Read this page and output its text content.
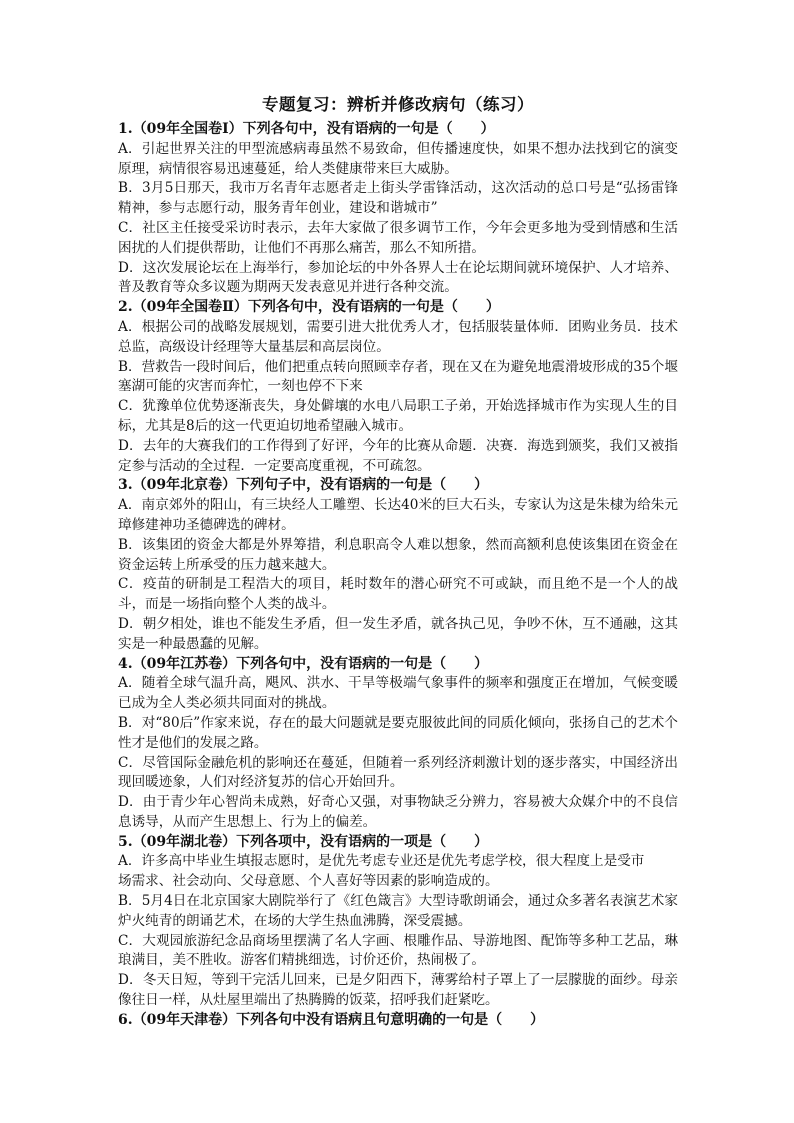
专题复习：辨析并修改病句（练习）

1.（09年全国卷Ⅰ）下列各句中，没有语病的一句是（　　）

A．引起世界关注的甲型流感病毒虽然不易致命，但传播速度快，如果不想办法找到它的演变原理，病情很容易迅速蔓延，给人类健康带来巨大威胁。

B．3月5日那天，我市万名青年志愿者走上街头学雷锋活动，这次活动的总口号是“弘扬雷锋精神，参与志愿行动，服务青年创业，建设和谐城市”

C．社区主任接受采访时表示，去年大家做了很多调节工作，今年会更多地为受到情感和生活困扰的人们提供帮助，让他们不再那么痛苦，那么不知所措。

D．这次发展论坛在上海举行，参加论坛的中外各界人士在论坛期间就环境保护、人才培养、普及教育等众多议题为期两天发表意见并进行各种交流。

2.（09年全国卷Ⅱ）下列各句中，没有语病的一句是（　　）

A．根据公司的战略发展规划，需要引进大批优秀人才，包括服装量体师．团购业务员．技术总监，高级设计经理等大量基层和高层岗位。

B．营救告一段时间后，他们把重点转向照顾幸存者，现在又在为避免地震滑坡形成的35个堰塞湖可能的灾害而奔忙，一刻也停不下来

C．犹豫单位优势逐渐丧失，身处僻壤的水电八局职工子弟，开始选择城市作为实现人生的目标，尤其是8后的这一代更迫切地希望融入城市。

D．去年的大赛我们的工作得到了好评，今年的比赛从命题．决赛．海选到颁奖，我们又被指定参与活动的全过程．一定要高度重视，不可疏忽。

3.（09年北京卷）下列句子中，没有语病的一句是（　　）

A．南京郊外的阳山，有三块经人工雕塑、长达40米的巨大石头，专家认为这是朱棣为给朱元璋修建神功圣德碑选的碑材。

B．该集团的资金大都是外界筹措，利息职高令人难以想象，然而高额利息使该集团在资金在资金运转上所承受的压力越来越大。

C．疫苗的研制是工程浩大的项目，耗时数年的潜心研究不可或缺，而且绝不是一个人的战斗，而是一场指向整个人类的战斗。

D．朝夕相处，谁也不能发生矛盾，但一发生矛盾，就各执己见，争吵不休，互不通融，这其实是一种最愚蠢的见解。

4.（09年江苏卷）下列各句中，没有语病的一句是（　　）

A．随着全球气温升高，飓风、洪水、干旱等极端气象事件的频率和强度正在增加，气候变暖已成为全人类必须共同面对的挑战。

B．对“80后”作家来说，存在的最大问题就是要克服彼此间的同质化倾向，张扬自己的艺术个性才是他们的发展之路。

C．尽管国际金融危机的影响还在蔓延，但随着一系列经济刺激计划的逐步落实，中国经济出现回暖迹象，人们对经济复苏的信心开始回升。

D．由于青少年心智尚未成熟，好奇心又强，对事物缺乏分辨力，容易被大众媒介中的不良信息诱导，从而产生思想上、行为上的偏差。

5.（09年湖北卷）下列各项中，没有语病的一项是（　　）

A．许多高中毕业生填报志愿时，是优先考虑专业还是优先考虑学校，很大程度上是受市

场需求、社会动向、父母意愿、个人喜好等因素的影响造成的。

B．5月4日在北京国家大剧院举行了《红色箴言》大型诗歌朗诵会，通过众多著名表演艺术家炉火纯青的朗诵艺术，在场的大学生热血沸腾，深受震撼。

C．大观园旅游纪念品商场里摆满了名人字画、根雕作品、导游地图、配饰等多种工艺品，琳琅满目，美不胜收。游客们精挑细选，讨价还价，热闹极了。

D．冬天日短，等到干完活儿回来，已是夕阳西下，薄雾给村子罩上了一层朦胧的面纱。母亲像往日一样，从灶屋里端出了热腾腾的饭菜，招呼我们赶紧吃。

6.（09年天津卷）下列各句中没有语病且句意明确的一句是（　　）
